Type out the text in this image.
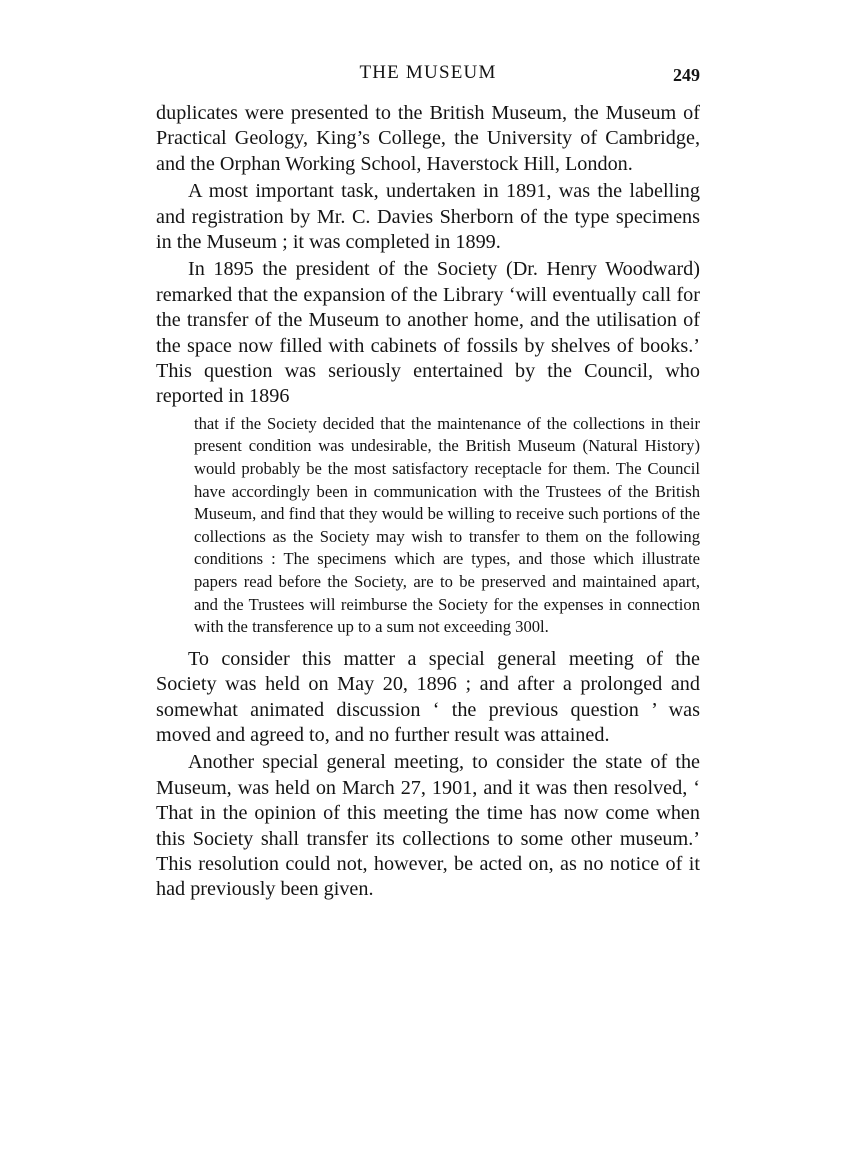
THE MUSEUM	249

duplicates were presented to the British Museum, the Museum of Practical Geology, King’s College, the University of Cambridge, and the Orphan Working School, Haverstock Hill, London.

A most important task, undertaken in 1891, was the labelling and registration by Mr. C. Davies Sherborn of the type specimens in the Museum ; it was completed in 1899.

In 1895 the president of the Society (Dr. Henry Woodward) remarked that the expansion of the Library ‘will eventually call for the transfer of the Museum to another home, and the utilisation of the space now filled with cabinets of fossils by shelves of books.’ This question was seriously entertained by the Council, who reported in 1896

that if the Society decided that the maintenance of the collections in their present condition was undesirable, the British Museum (Natural History) would probably be the most satisfactory receptacle for them. The Council have accordingly been in communication with the Trustees of the British Museum, and find that they would be willing to receive such portions of the collections as the Society may wish to transfer to them on the following conditions : The specimens which are types, and those which illustrate papers read before the Society, are to be preserved and maintained apart, and the Trustees will reimburse the Society for the expenses in connection with the transference up to a sum not exceeding 300l.

To consider this matter a special general meeting of the Society was held on May 20, 1896 ; and after a prolonged and somewhat animated discussion ‘ the previous question ’ was moved and agreed to, and no further result was attained.

Another special general meeting, to consider the state of the Museum, was held on March 27, 1901, and it was then resolved, ‘ That in the opinion of this meeting the time has now come when this Society shall transfer its collections to some other museum.’ This resolution could not, however, be acted on, as no notice of it had previously been given.
